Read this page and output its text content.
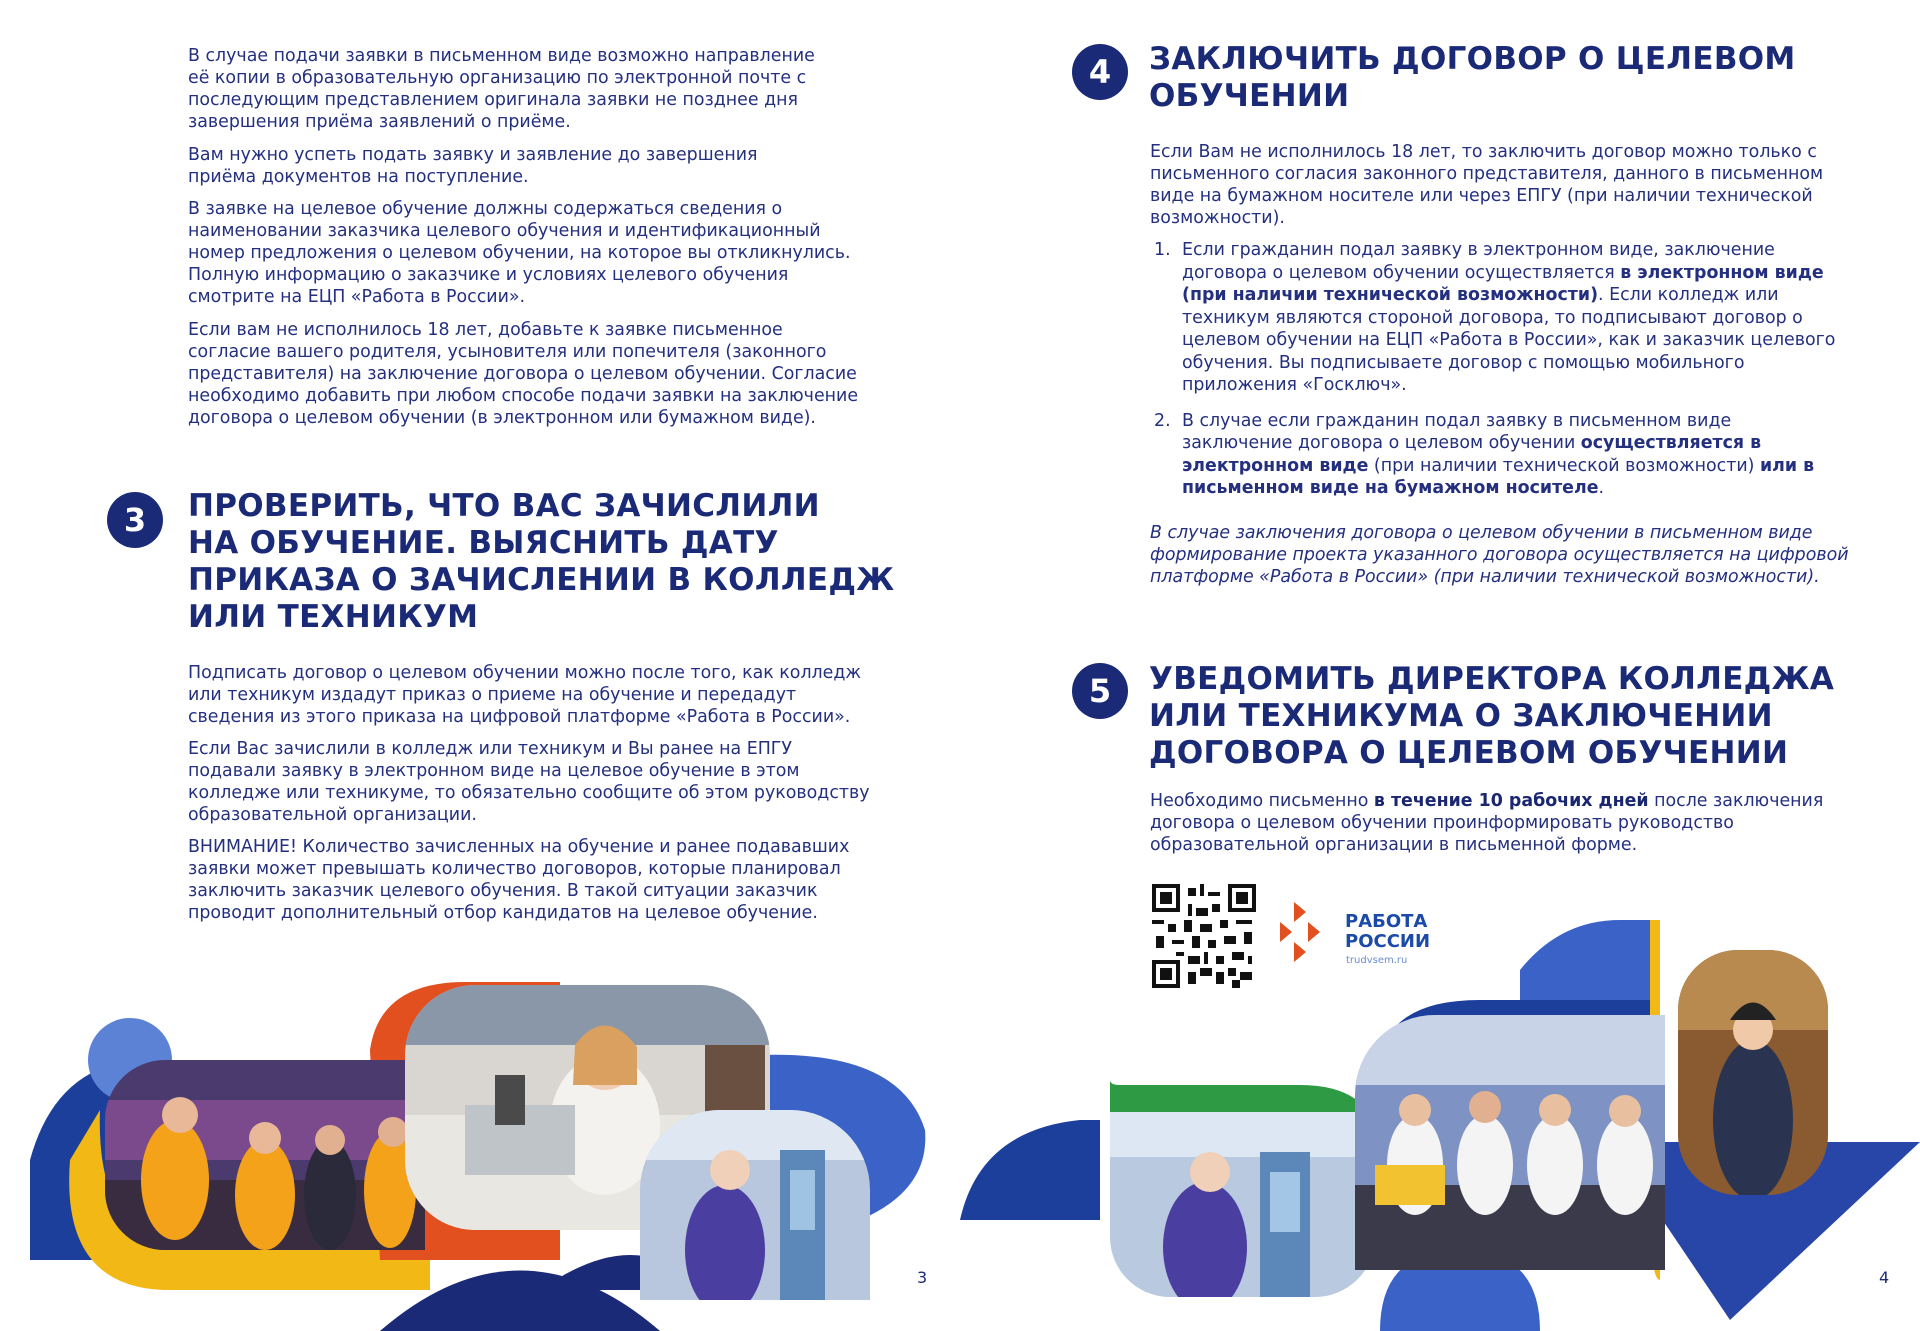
В случае подачи заявки в письменном виде возможно направление её копии в образовательную организацию по электронной почте с последующим представлением оригинала заявки не позднее дня завершения приёма заявлений о приёме.

Вам нужно успеть подать заявку и заявление до завершения приёма документов на поступление.

В заявке на целевое обучение должны содержаться сведения о наименовании заказчика целевого обучения и идентификационный номер предложения о целевом обучении, на которое вы откликнулись. Полную информацию о заказчике и условиях целевого обучения смотрите на ЕЦП «Работа в России».

Если вам не исполнилось 18 лет, добавьте к заявке письменное согласие вашего родителя, усыновителя или попечителя (законного представителя) на заключение договора о целевом обучении. Согласие необходимо добавить при любом способе подачи заявки на заключение договора о целевом обучении (в электронном или бумажном виде).

3	ПРОВЕРИТЬ, ЧТО ВАС ЗАЧИСЛИЛИ
НА ОБУЧЕНИЕ. ВЫЯСНИТЬ ДАТУ
ПРИКАЗА О ЗАЧИСЛЕНИИ В КОЛЛЕДЖ
ИЛИ ТЕХНИКУМ

Подписать договор о целевом обучении можно после того, как колледж или техникум издадут приказ о приеме на обучение и передадут сведения из этого приказа на цифровой платформе «Работа в России».

Если Вас зачислили в колледж или техникум и Вы ранее на ЕПГУ подавали заявку в электронном виде на целевое обучение в этом колледже или техникуме, то обязательно сообщите об этом руководству образовательной организации.

ВНИМАНИЕ! Количество зачисленных на обучение и ранее подававших заявки может превышать количество договоров, которые планировал заключить заказчик целевого обучения. В такой ситуации заказчик проводит дополнительный отбор кандидатов на целевое обучение.

3
4	ЗАКЛЮЧИТЬ ДОГОВОР О ЦЕЛЕВОМ
ОБУЧЕНИИ

Если Вам не исполнилось 18 лет, то заключить договор можно только с письменного согласия законного представителя, данного в письменном виде на бумажном носителе или через ЕПГУ (при наличии технической возможности).

1. Если гражданин подал заявку в электронном виде, заключение договора о целевом обучении осуществляется в электронном виде (при наличии технической возможности). Если колледж или техникум являются стороной договора, то подписывают договор о целевом обучении на ЕЦП «Работа в России», как и заказчик целевого обучения. Вы подписываете договор с помощью мобильного приложения «Госключ».
2. В случае если гражданин подал заявку в письменном виде заключение договора о целевом обучении осуществляется в электронном виде (при наличии технической возможности) или в письменном виде на бумажном носителе.

В случае заключения договора о целевом обучении в письменном виде формирование проекта указанного договора осуществляется на цифровой платформе «Работа в России» (при наличии технической возможности).

5	УВЕДОМИТЬ ДИРЕКТОРА КОЛЛЕДЖА
ИЛИ ТЕХНИКУМА О ЗАКЛЮЧЕНИИ
ДОГОВОРА О ЦЕЛЕВОМ ОБУЧЕНИИ

Необходимо письменно в течение 10 рабочих дней после заключения договора о целевом обучении проинформировать руководство образовательной организации в письменной форме.

РАБОТА
РОССИИ
trudvsem.ru
4
